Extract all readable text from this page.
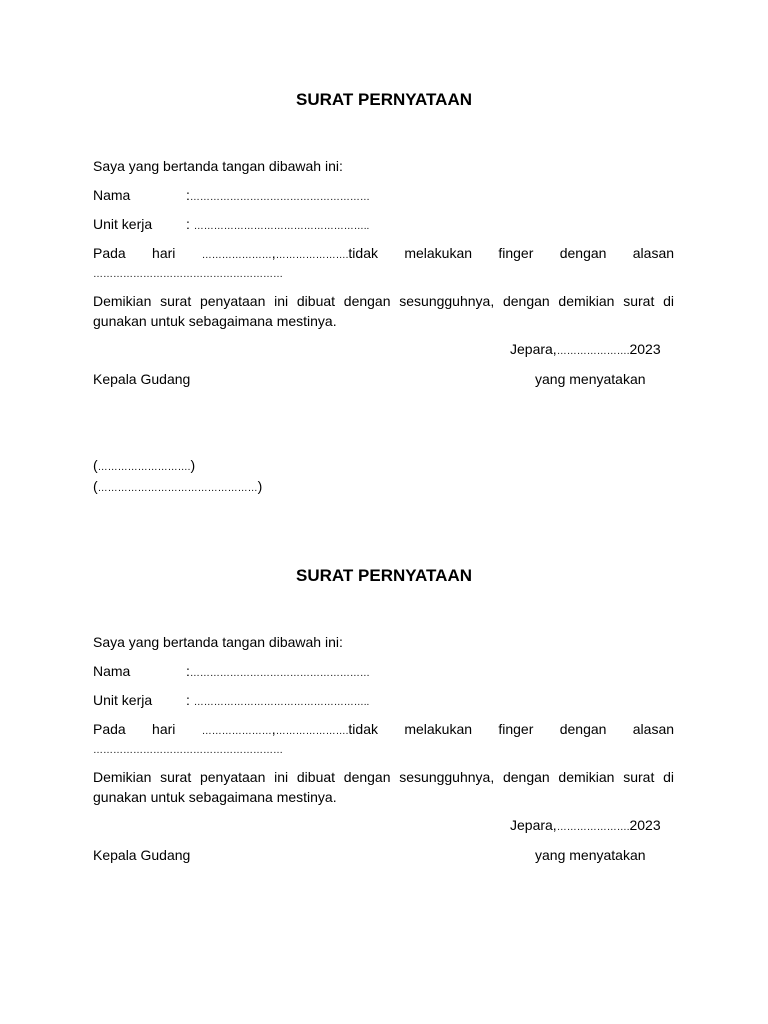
SURAT PERNYATAAN
Saya yang bertanda tangan dibawah ini:
Nama	:………………………………………………
Unit kerja : ……………………………………………..
Pada hari	…………………,………………….tidak melakukan finger dengan alasan
…………………………………………………
Demikian surat penyataan ini dibuat dengan sesungguhnya, dengan demikian surat di
gunakan untuk sebagaimana mestinya.
Jepara,………………….2023
Kepala Gudang	yang menyatakan
(……………………….)
(…………………………………………)
SURAT PERNYATAAN
Saya yang bertanda tangan dibawah ini:
Nama	:………………………………………………
Unit kerja : ……………………………………………..
Pada hari	…………………,………………….tidak melakukan finger dengan alasan
…………………………………………………
Demikian surat penyataan ini dibuat dengan sesungguhnya, dengan demikian surat di
gunakan untuk sebagaimana mestinya.
Jepara,………………….2023
Kepala Gudang	yang menyatakan
